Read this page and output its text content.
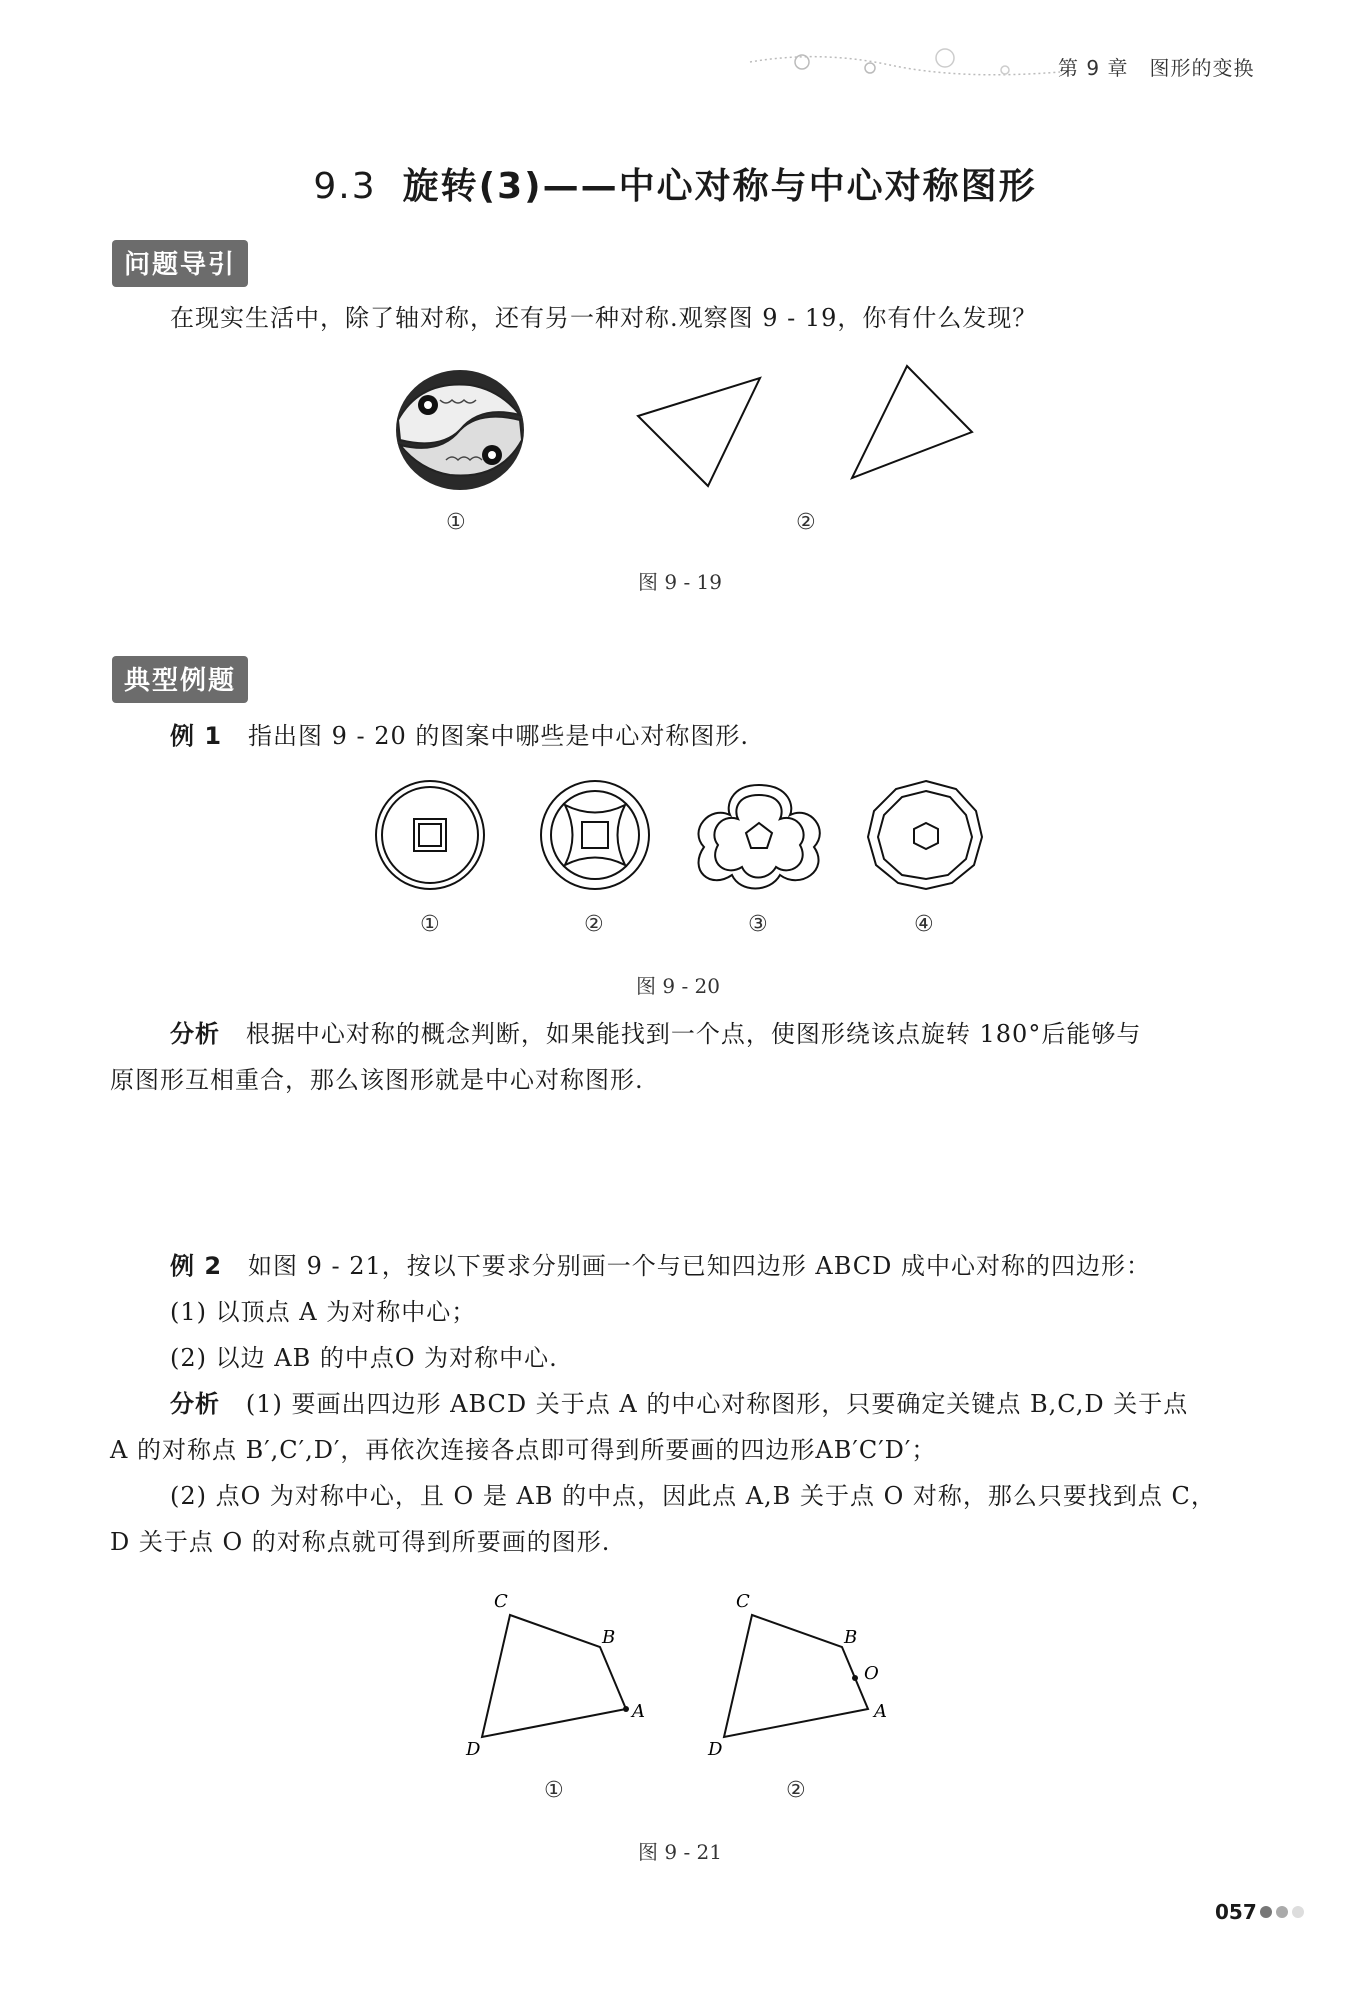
第 9 章　图形的变换
9.3 旋转(3)——中心对称与中心对称图形
问题导引
在现实生活中，除了轴对称，还有另一种对称.观察图 9 - 19，你有什么发现？
①	②
图 9 - 19
典型例题
例 1 指出图 9 - 20 的图案中哪些是中心对称图形.
①	②	③	④
图 9 - 20
分析 根据中心对称的概念判断，如果能找到一个点，使图形绕该点旋转 180°后能够与
原图形互相重合，那么该图形就是中心对称图形.
例 2 如图 9 - 21，按以下要求分别画一个与已知四边形 ABCD 成中心对称的四边形：
(1) 以顶点 A 为对称中心；
(2) 以边 AB 的中点O 为对称中心.
分析 (1) 要画出四边形 ABCD 关于点 A 的中心对称图形，只要确定关键点 B,C,D 关于点
A 的对称点 B′,C′,D′，再依次连接各点即可得到所要画的四边形AB′C′D′；
(2) 点O 为对称中心，且 O 是 AB 的中点，因此点 A,B 关于点 O 对称，那么只要找到点 C，
D 关于点 O 的对称点就可得到所要画的图形.
C
B
A
D
C
B
O
A
D
①	②
图 9 - 21
057
